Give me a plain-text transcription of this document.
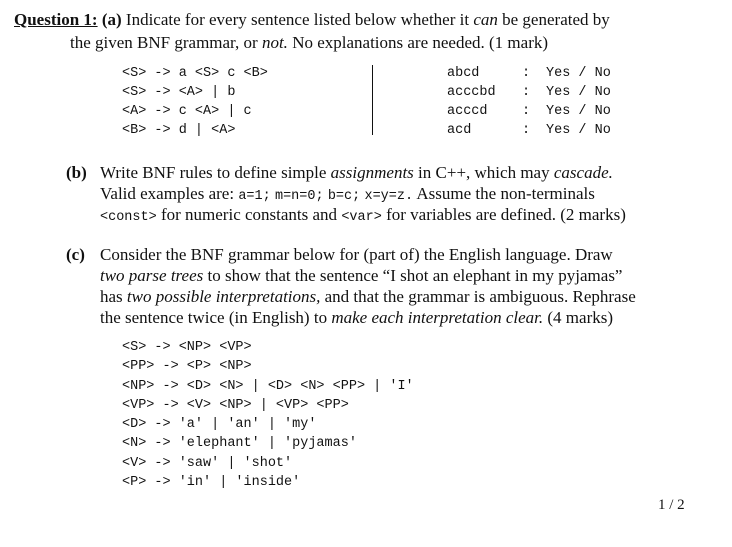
Question 1: (a) Indicate for every sentence listed below whether it can be generated by
the given BNF grammar, or not. No explanations are needed. (1 mark)
<S> -> a <S> c <B>
<S> -> <A> | b
<A> -> c <A> | c
<B> -> d | <A>
abcd
acccbd
acccd
acd
:
:
:
:
Yes / No
Yes / No
Yes / No
Yes / No
(b) Write BNF rules to define simple assignments in C++, which may cascade.
Valid examples are: a=1; m=n=0; b=c; x=y=z. Assume the non-terminals
<const> for numeric constants and <var> for variables are defined. (2 marks)
(c) Consider the BNF grammar below for (part of) the English language. Draw
two parse trees to show that the sentence “I shot an elephant in my pyjamas”
has two possible interpretations, and that the grammar is ambiguous. Rephrase
the sentence twice (in English) to make each interpretation clear. (4 marks)
<S> -> <NP> <VP>
<PP> -> <P> <NP>
<NP> -> <D> <N> | <D> <N> <PP> | 'I'
<VP> -> <V> <NP> | <VP> <PP>
<D> -> 'a' | 'an' | 'my'
<N> -> 'elephant' | 'pyjamas'
<V> -> 'saw' | 'shot'
<P> -> 'in' | 'inside'
1 / 2
